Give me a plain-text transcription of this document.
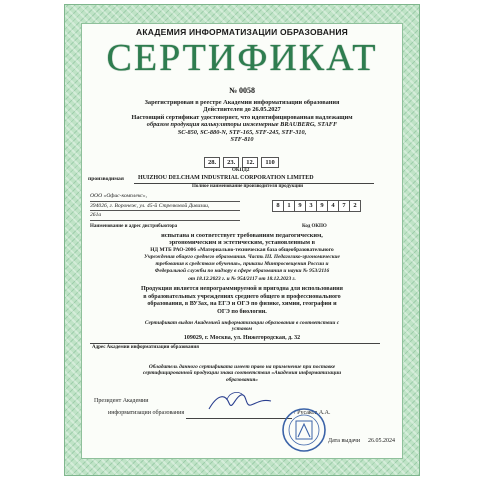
АКАДЕМИЯ ИНФОРМАТИЗАЦИИ ОБРАЗОВАНИЯ
СЕРТИФИКАТ
№ 0058
Зарегистрирован в реестре Академии информатизации образования
Действителен до 26.05.2027
Настоящий сертификат удостоверяет, что идентифицированная надлежащим
образом продукция калькуляторы инженерные BRAUBERG, STAFF
SC-850, SC-880-N, STF-165, STF-245, STF-310,
STF-810
28.	23.	12.	110
ОКПД2
производимая HUIZHOU DELCHAM INDUSTRIAL CORPORATION LIMITED
Полное наименование производителя продукции
ООО «Офис-комплекс»,
394026, г. Воронеж, ул. 45-й Стрелковой Дивизии,
261а
8	1	9	3	9	4	7	2
Наименование и адрес дистрибьютора	Код ОКПО
испытана и соответствует требованиям педагогическим,
эргономическим и эстетическим, установленным в
НД МТБ РАО-2006 «Материально-техническая база общеобразовательного
Учреждения общего среднего образования. Часть III. Педагогико-эргономические
требования к средствам обучения», приказы Минпросвещения России и
Федеральной службы по надзору в сфере образования и науки № 953/2116
от 18.12.2023 г. и № 954/2117 от 18.12.2023 г.
Продукция является непрограммируемой и пригодна для использования
в образовательных учреждениях среднего общего и профессионального
образования, в ВУЗах, на ЕГЭ и ОГЭ по физике, химии, географии и
ОГЭ по биологии.
Сертификат выдан Академией информатизации образования в соответствии с
уставом
109029, г. Москва, ул. Нижегородская, д. 32
Адрес Академии информатизации образования
Обладатель данного сертификата имеет право на применение при поставке
сертифицированной продукции знака соответствия «Академия информатизации
образования»
Президент Академии
информатизации образования	/ Русаков А.А.
Дата выдачи 26.05.2024
